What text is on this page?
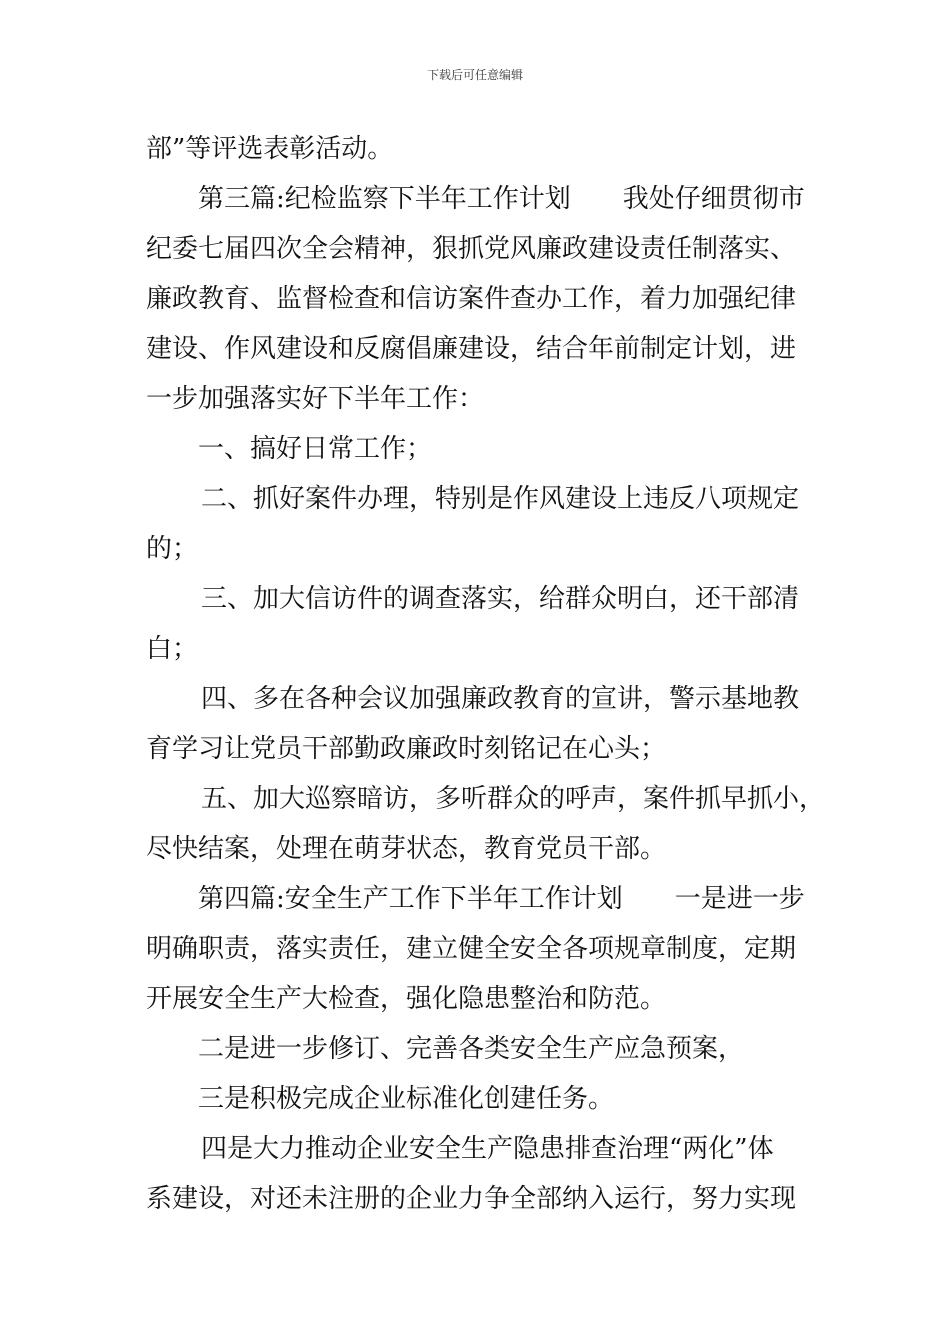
下载后可任意编辑
部”等评选表彰活动。
第三篇:纪检监察下半年工作计划 我处仔细贯彻市
纪委七届四次全会精神，狠抓党风廉政建设责任制落实、
廉政教育、监督检查和信访案件查办工作，着力加强纪律
建设、作风建设和反腐倡廉建设，结合年前制定计划，进
一步加强落实好下半年工作：
一、搞好日常工作；
二、抓好案件办理，特别是作风建设上违反八项规定
的；
三、加大信访件的调查落实，给群众明白，还干部清
白；
四、多在各种会议加强廉政教育的宣讲，警示基地教
育学习让党员干部勤政廉政时刻铭记在心头；
五、加大巡察暗访，多听群众的呼声，案件抓早抓小，
尽快结案，处理在萌芽状态，教育党员干部。
第四篇:安全生产工作下半年工作计划 一是进一步
明确职责，落实责任，建立健全安全各项规章制度，定期
开展安全生产大检查，强化隐患整治和防范。
二是进一步修订、完善各类安全生产应急预案，
三是积极完成企业标准化创建任务。
四是大力推动企业安全生产隐患排查治理“两化”体
系建设，对还未注册的企业力争全部纳入运行，努力实现
